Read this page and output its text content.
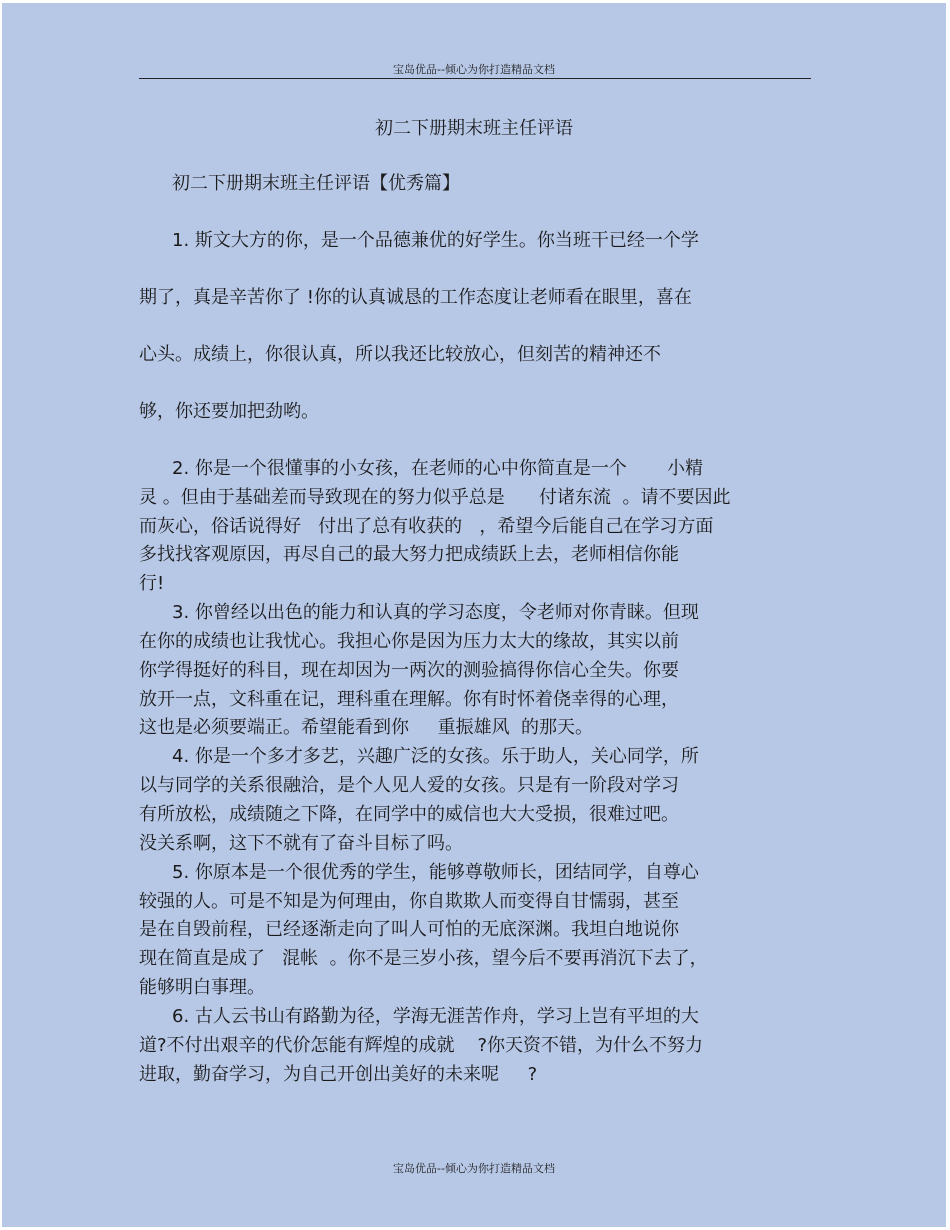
宝岛优品--倾心为你打造精品文档
初二下册期末班主任评语
初二下册期末班主任评语【优秀篇】
1. 斯文大方的你，是一个品德兼优的好学生。你当班干已经一个学
期了，真是辛苦你了 !你的认真诚恳的工作态度让老师看在眼里，喜在
心头。成绩上，你很认真，所以我还比较放心，但刻苦的精神还不
够，你还要加把劲哟。
2. 你是一个很懂事的小女孩，在老师的心中你简直是一个       小精
灵 。但由于基础差而导致现在的努力似乎总是      付诸东流  。请不要因此
而灰心，俗话说得好   付出了总有收获的   ，希望今后能自己在学习方面
多找找客观原因，再尽自己的最大努力把成绩跃上去，老师相信你能
行!
3. 你曾经以出色的能力和认真的学习态度，令老师对你青睐。但现
在你的成绩也让我忧心。我担心你是因为压力太大的缘故，其实以前
你学得挺好的科目，现在却因为一两次的测验搞得你信心全失。你要
放开一点，文科重在记，理科重在理解。你有时怀着侥幸得的心理，
这也是必须要端正。希望能看到你     重振雄风  的那天。
4. 你是一个多才多艺，兴趣广泛的女孩。乐于助人，关心同学，所
以与同学的关系很融洽，是个人见人爱的女孩。只是有一阶段对学习
有所放松，成绩随之下降，在同学中的威信也大大受损，很难过吧。
没关系啊，这下不就有了奋斗目标了吗。
5. 你原本是一个很优秀的学生，能够尊敬师长，团结同学，自尊心
较强的人。可是不知是为何理由，你自欺欺人而变得自甘懦弱，甚至
是在自毁前程，已经逐渐走向了叫人可怕的无底深渊。我坦白地说你
现在简直是成了   混帐  。你不是三岁小孩，望今后不要再消沉下去了，
能够明白事理。
6. 古人云书山有路勤为径，学海无涯苦作舟，学习上岂有平坦的大
道?不付出艰辛的代价怎能有辉煌的成就    ?你天资不错，为什么不努力
进取，勤奋学习，为自己开创出美好的未来呢     ?
宝岛优品--倾心为你打造精品文档
